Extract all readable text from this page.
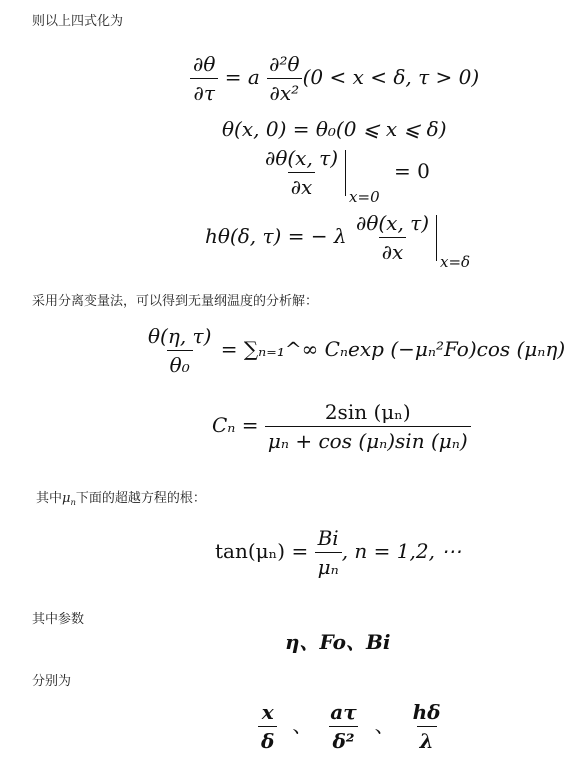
则以上四式化为
$\frac{\partial\theta}{\partial\tau} = a \frac{\text{∂²θ}}{\text{∂x²}} (0 < x < \delta$, τ > 0)
θ(x, 0) = θ₀(0 ⩽ x ⩽ δ)
$\frac{\partial\theta(x, \tau)}{\partial x} x=0$
= 0
hθ(δ, τ) = − λ $\frac{\partial\theta(x, \tau)}{\partial x} x=\delta$
采用分离变量法，可以得到无量纲温度的分析解：
$\frac{\theta(\eta, \tau)}{\text{θ₀}}$ = ∑ₙ₌₁^∞ Cₙexp (−μₙ²Fo)cos (μₙη)
$C_n = \frac{\text{2sin (μₙ)}}{\text{μₙ + cos (μₙ)sin (μₙ)}}$
其中$\mu_n$下面的超越方程的根：
$\tan(\mu_n) = \frac{Bi}{\text{μₙ}}$ , n = 1,2, ⋯
其中参数
η、Fo、Bi
分别为
$\frac{x}{\delta}$ 、 $\frac{a\tau}{\text{δ²}}$ 、 $\frac{h\delta}{\lambda}$
